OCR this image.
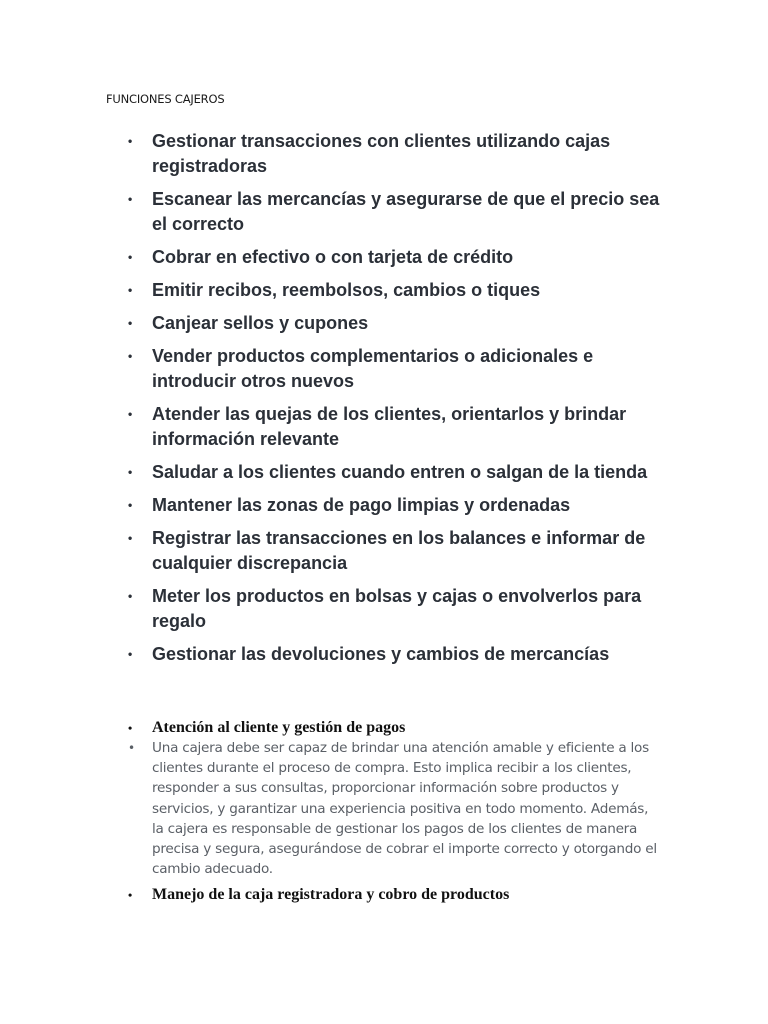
FUNCIONES CAJEROS
• Gestionar transacciones con clientes utilizando cajas registradoras
• Escanear las mercancías y asegurarse de que el precio sea el correcto
• Cobrar en efectivo o con tarjeta de crédito
• Emitir recibos, reembolsos, cambios o tiques
• Canjear sellos y cupones
• Vender productos complementarios o adicionales e introducir otros nuevos
• Atender las quejas de los clientes, orientarlos y brindar información relevante
• Saludar a los clientes cuando entren o salgan de la tienda
• Mantener las zonas de pago limpias y ordenadas
• Registrar las transacciones en los balances e informar de cualquier discrepancia
• Meter los productos en bolsas y cajas o envolverlos para regalo
• Gestionar las devoluciones y cambios de mercancías
• Atención al cliente y gestión de pagos
• Una cajera debe ser capaz de brindar una atención amable y eficiente a los clientes durante el proceso de compra. Esto implica recibir a los clientes, responder a sus consultas, proporcionar información sobre productos y servicios, y garantizar una experiencia positiva en todo momento. Además, la cajera es responsable de gestionar los pagos de los clientes de manera precisa y segura, asegurándose de cobrar el importe correcto y otorgando el cambio adecuado.
• Manejo de la caja registradora y cobro de productos
